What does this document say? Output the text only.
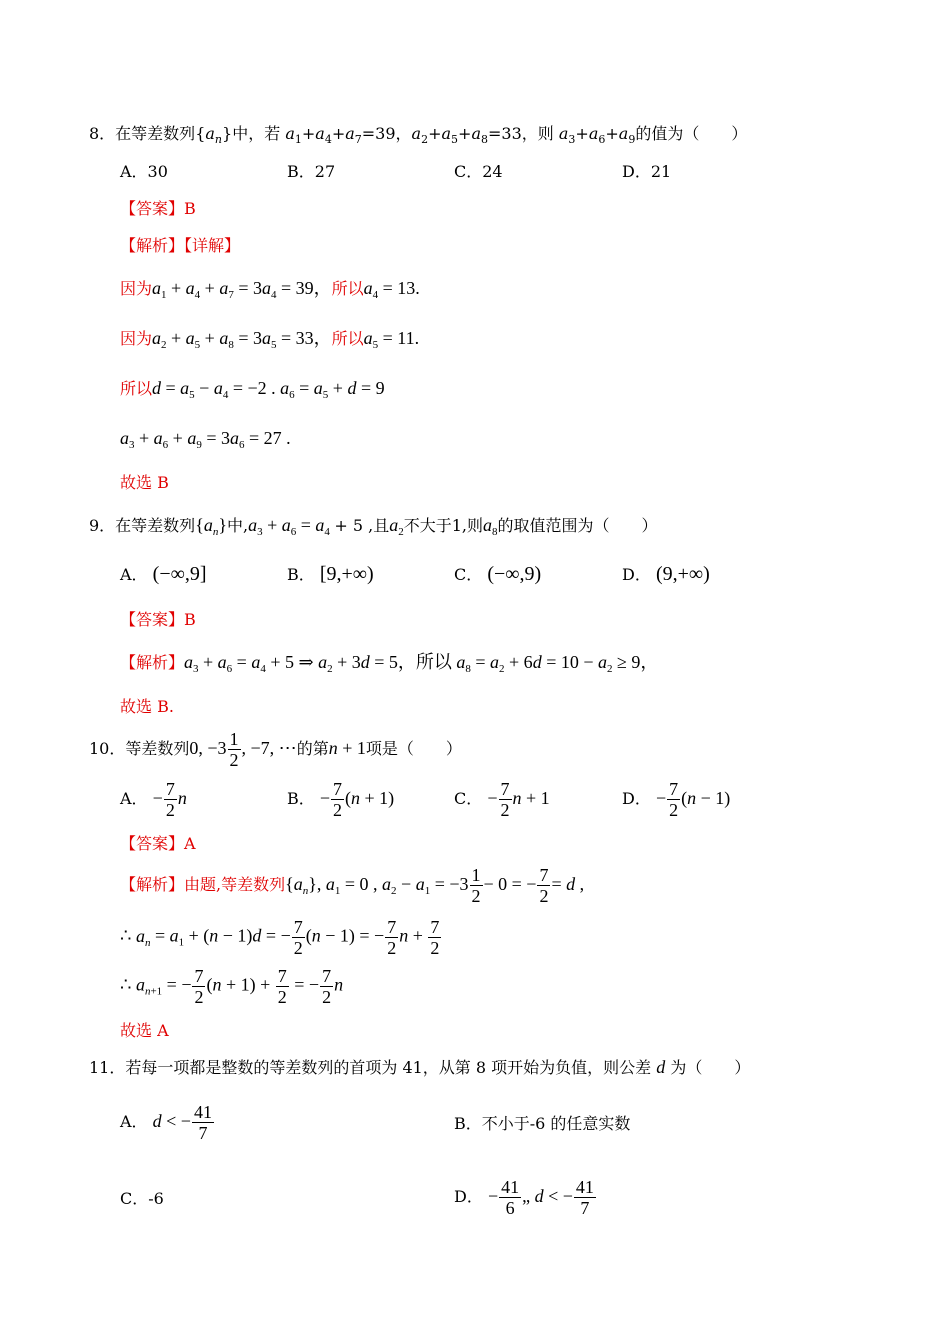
8．在等差数列$\{a_n\}$中，若 $a_1+a_4+a_7=39$，$a_2+a_5+a_8=33$，则 $a_3+a_6+a_9$的值为（　　）
A．30	B．27	C．24	D．21
【答案】B
【解析】【详解】
因为$a_1 + a_4 + a_7 = 3a_4 = 39$，所以$a_4 = 13$.
因为$a_2 + a_5 + a_8 = 3a_5 = 33$，所以$a_5 = 11$.
所以$d = a_5 - a_4 = -2$ . $a_6 = a_5 + d = 9$
$a_3 + a_6 + a_9 = 3a_6 = 27$ .
故选 B
9．在等差数列$\{a_n\}$中$,a_3 + a_6 = a_4 + 5$ ,且$a_2$不大于1,则$a_8$的取值范围为（　　）
A． (−∞,9]	B． [9,+∞)	C． (−∞,9)	D． (9,+∞)
【答案】B
【解析】$a_3 + a_6 = a_4 + 5$ ⇒ $a_2 + 3d = 5$，所以 $a_8 = a_2 + 6d = 10 - a_2 \ge 9$，
故选 B.
10．等差数列0, $-3 \frac{1}{2}$ , −7, ⋯的第n + 1项是（　　）
A． − $\frac{7}{2}$ n	B． − $\frac{7}{2} (n + 1)$	C． − $\frac{7}{2}$ n + 1	D． − $\frac{7}{2} (n - 1)$
【答案】A
【解析】由题,等差数列$\{a_n\}$, $a_1 = 0$ , $a_2 - a_1 = -3 \frac{1}{2} - 0$ = − $\frac{7}{2} = d$ ,
∴ $a_n = a_1 + (n - 1)d$ = − $\frac{7}{2} (n - 1)$ = − $\frac{7}{2}$ $n + \frac{7}{2}$
∴ $a_{n+1}$ = − $\frac{7}{2} (n + 1) + \frac{7}{2}$ = − $\frac{7}{2}$ n
故选 A
11．若每一项都是整数的等差数列的首项为 41，从第 8 项开始为负值，则公差 d 为（　　）
A． d < − $\frac{41}{7}$	B．不小于-6 的任意实数
C．-6	D． − $\frac{41}{6}$ „ d < − $\frac{41}{7}$
